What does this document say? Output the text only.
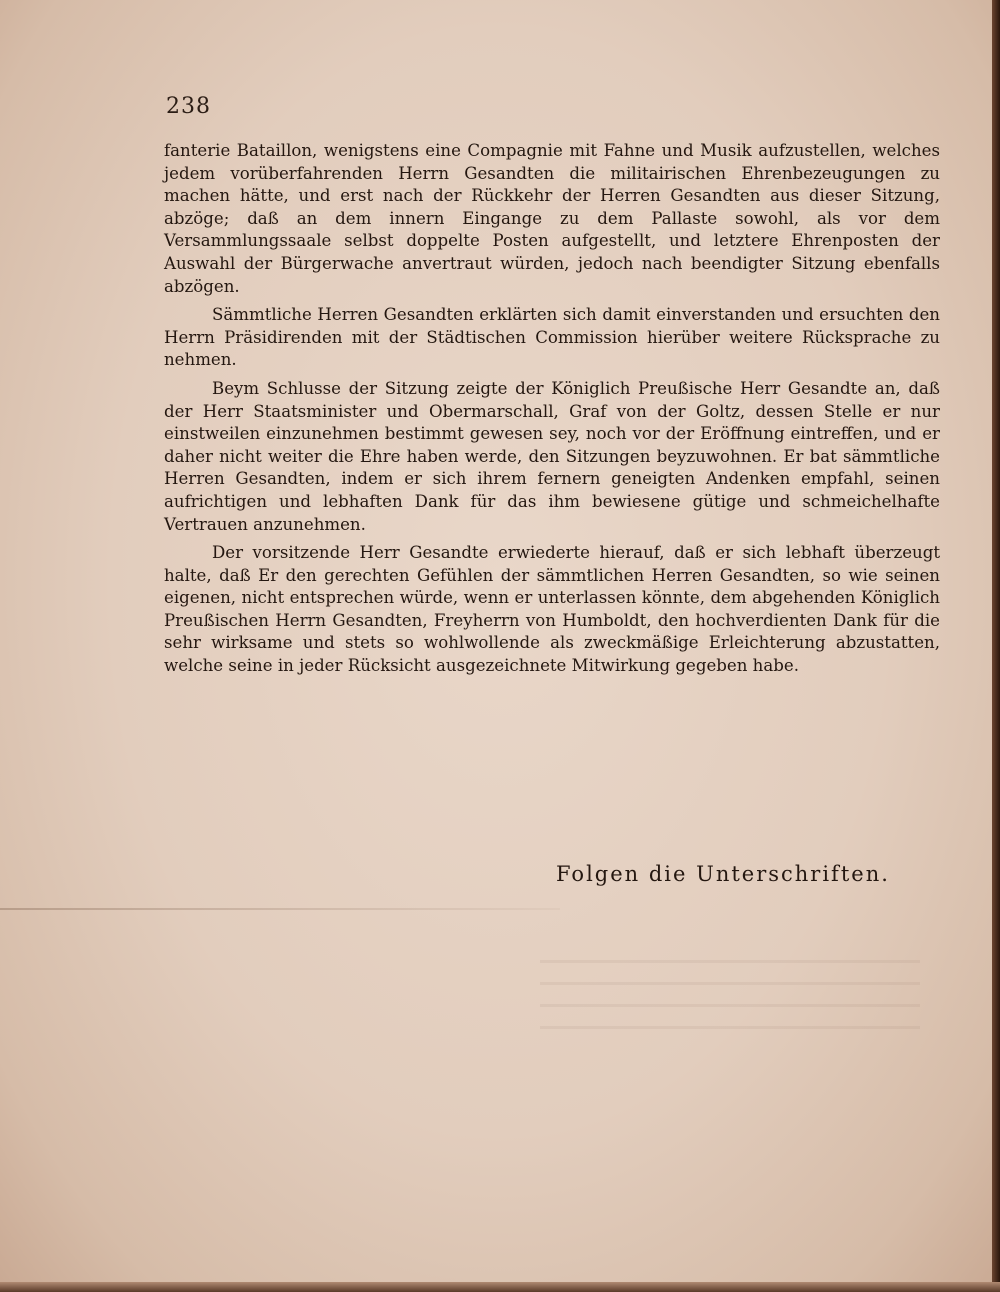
238

fanterie Bataillon, wenigstens eine Compagnie mit Fahne und Musik aufzustellen, welches jedem vorüberfahrenden Herrn Gesandten die militairischen Ehrenbezeugungen zu machen hätte, und erst nach der Rückkehr der Herren Gesandten aus dieser Sitzung, abzöge; daß an dem innern Eingange zu dem Pallaste sowohl, als vor dem Versammlungssaale selbst doppelte Posten aufgestellt, und letztere Ehrenposten der Auswahl der Bürgerwache anvertraut würden, jedoch nach beendigter Sitzung ebenfalls abzögen.

Sämmtliche Herren Gesandten erklärten sich damit einverstanden und ersuchten den Herrn Präsidirenden mit der Städtischen Commission hierüber weitere Rücksprache zu nehmen.

Beym Schlusse der Sitzung zeigte der Königlich Preußische Herr Gesandte an, daß der Herr Staatsminister und Obermarschall, Graf von der Goltz, dessen Stelle er nur einstweilen einzunehmen bestimmt gewesen sey, noch vor der Eröffnung eintreffen, und er daher nicht weiter die Ehre haben werde, den Sitzungen beyzuwohnen. Er bat sämmtliche Herren Gesandten, indem er sich ihrem fernern geneigten Andenken empfahl, seinen aufrichtigen und lebhaften Dank für das ihm bewiesene gütige und schmeichelhafte Vertrauen anzunehmen.

Der vorsitzende Herr Gesandte erwiederte hierauf, daß er sich lebhaft überzeugt halte, daß Er den gerechten Gefühlen der sämmtlichen Herren Gesandten, so wie seinen eigenen, nicht entsprechen würde, wenn er unterlassen könnte, dem abgehenden Königlich Preußischen Herrn Gesandten, Freyherrn von Humboldt, den hochverdienten Dank für die sehr wirksame und stets so wohlwollende als zweckmäßige Erleichterung abzustatten, welche seine in jeder Rücksicht ausgezeichnete Mitwirkung gegeben habe.

Folgen die Unterschriften.
